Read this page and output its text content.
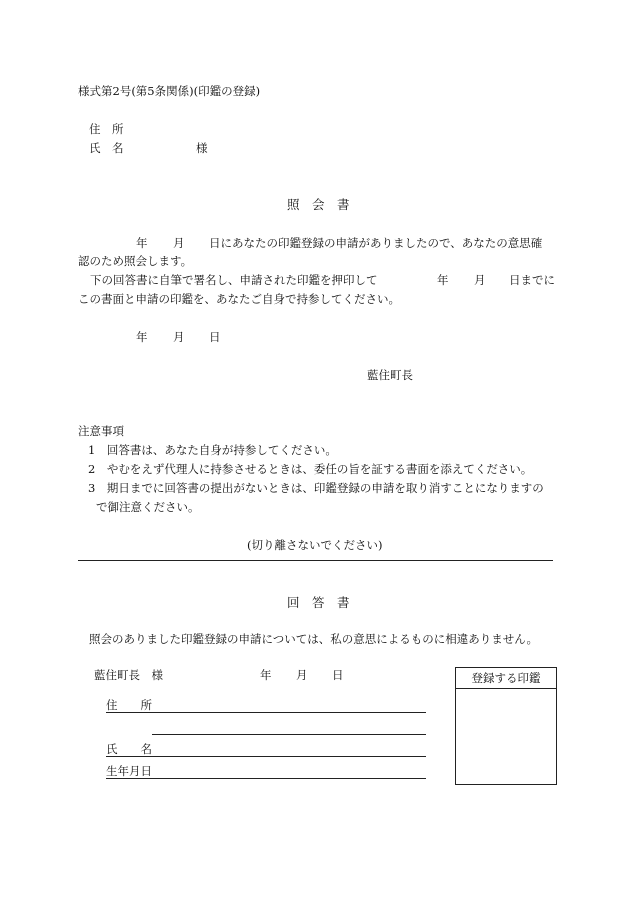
様式第2号(第5条関係)(印鑑の登録)
住　所
氏　名	様
照　会　書
年 月 日にあなたの印鑑登録の申請がありましたので、あなたの意思確
認のため照会します。
下の回答書に自筆で署名し、申請された印鑑を押印して	年 月 日までに
この書面と申請の印鑑を、あなたご自身で持参してください。
年 月 日
藍住町長
注意事項
1　回答書は、あなた自身が持参してください。
2　やむをえず代理人に持参させるときは、委任の旨を証する書面を添えてください。
3　期日までに回答書の提出がないときは、印鑑登録の申請を取り消すことになりますの
で御注意ください。
(切り離さないでください)
回　答　書
照会のありました印鑑登録の申請については、私の意思によるものに相違ありません。
藍住町長　様	年 月 日
住　　所
氏　　名
生年月日
登録する印鑑
